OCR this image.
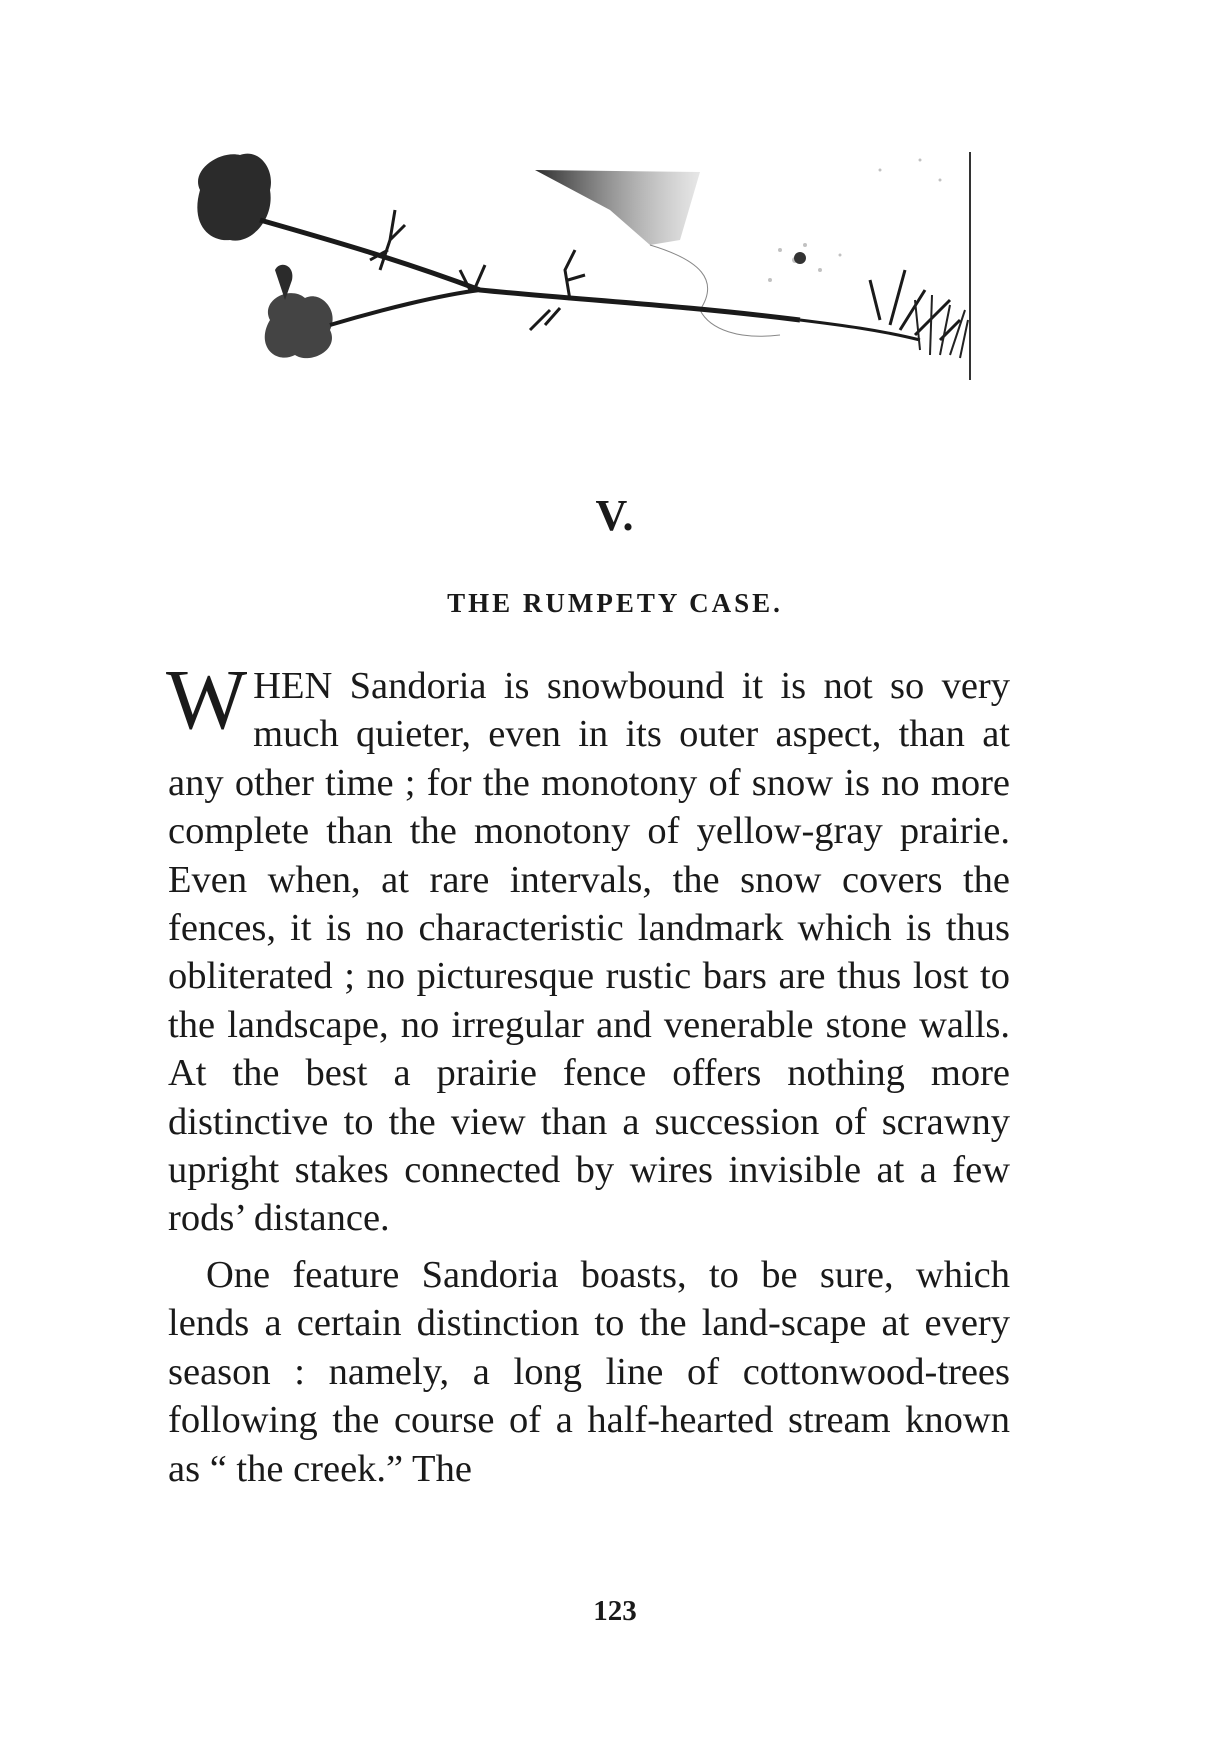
V.
THE RUMPETY CASE.

WHEN Sandoria is snowbound it is not so very much quieter, even in its outer aspect, than at any other time ; for the monotony of snow is no more complete than the monotony of yellow-gray prairie. Even when, at rare intervals, the snow covers the fences, it is no characteristic landmark which is thus obliterated ; no picturesque rustic bars are thus lost to the landscape, no irregular and venerable stone walls. At the best a prairie fence offers nothing more distinctive to the view than a succession of scrawny upright stakes connected by wires invisible at a few rods’ distance.

One feature Sandoria boasts, to be sure, which lends a certain distinction to the land-scape at every season : namely, a long line of cottonwood-trees following the course of a half-hearted stream known as “ the creek.” The

123
